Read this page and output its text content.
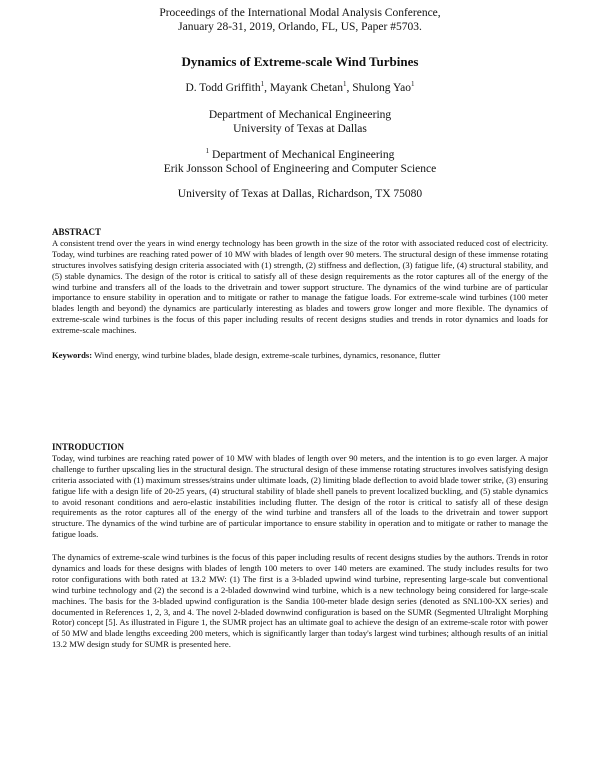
Proceedings of the International Modal Analysis Conference,
January 28-31, 2019, Orlando, FL, US, Paper #5703.
Dynamics of Extreme-scale Wind Turbines
D. Todd Griffith$^1$, Mayank Chetan$^1$, Shulong Yao$^1$
Department of Mechanical Engineering
University of Texas at Dallas
$^1$ Department of Mechanical Engineering
Erik Jonsson School of Engineering and Computer Science
University of Texas at Dallas, Richardson, TX 75080
ABSTRACT
A consistent trend over the years in wind energy technology has been growth in the size of the rotor with associated reduced cost of electricity. Today, wind turbines are reaching rated power of 10 MW with blades of length over 90 meters. The structural design of these immense rotating structures involves satisfying design criteria associated with (1) strength, (2) stiffness and deflection, (3) fatigue life, (4) structural stability, and (5) stable dynamics. The design of the rotor is critical to satisfy all of these design requirements as the rotor captures all of the energy of the wind turbine and transfers all of the loads to the drivetrain and tower support structure. The dynamics of the wind turbine are of particular importance to ensure stability in operation and to mitigate or rather to manage the fatigue loads. For extreme-scale wind turbines (100 meter blades length and beyond) the dynamics are particularly interesting as blades and towers grow longer and more flexible. The dynamics of extreme-scale wind turbines is the focus of this paper including results of recent designs studies and trends in rotor dynamics and loads for extreme-scale machines.
Keywords: Wind energy, wind turbine blades, blade design, extreme-scale turbines, dynamics, resonance, flutter
INTRODUCTION
Today, wind turbines are reaching rated power of 10 MW with blades of length over 90 meters, and the intention is to go even larger. A major challenge to further upscaling lies in the structural design. The structural design of these immense rotating structures involves satisfying design criteria associated with (1) maximum stresses/strains under ultimate loads, (2) limiting blade deflection to avoid blade tower strike, (3) ensuring fatigue life with a design life of 20-25 years, (4) structural stability of blade shell panels to prevent localized buckling, and (5) stable dynamics to avoid resonant conditions and aero-elastic instabilities including flutter. The design of the rotor is critical to satisfy all of these design requirements as the rotor captures all of the energy of the wind turbine and transfers all of the loads to the drivetrain and tower support structure. The dynamics of the wind turbine are of particular importance to ensure stability in operation and to mitigate or rather to manage the fatigue loads.
The dynamics of extreme-scale wind turbines is the focus of this paper including results of recent designs studies by the authors. Trends in rotor dynamics and loads for these designs with blades of length 100 meters to over 140 meters are examined. The study includes results for two rotor configurations with both rated at 13.2 MW: (1) The first is a 3-bladed upwind wind turbine, representing large-scale but conventional wind turbine technology and (2) the second is a 2-bladed downwind wind turbine, which is a new technology being considered for large-scale machines. The basis for the 3-bladed upwind configuration is the Sandia 100-meter blade design series (denoted as SNL100-XX series) and documented in References 1, 2, 3, and 4. The novel 2-bladed downwind configuration is based on the SUMR (Segmented Ultralight Morphing Rotor) concept [5]. As illustrated in Figure 1, the SUMR project has an ultimate goal to achieve the design of an extreme-scale rotor with power of 50 MW and blade lengths exceeding 200 meters, which is significantly larger than today's largest wind turbines; although results of an initial 13.2 MW design study for SUMR is presented here.
